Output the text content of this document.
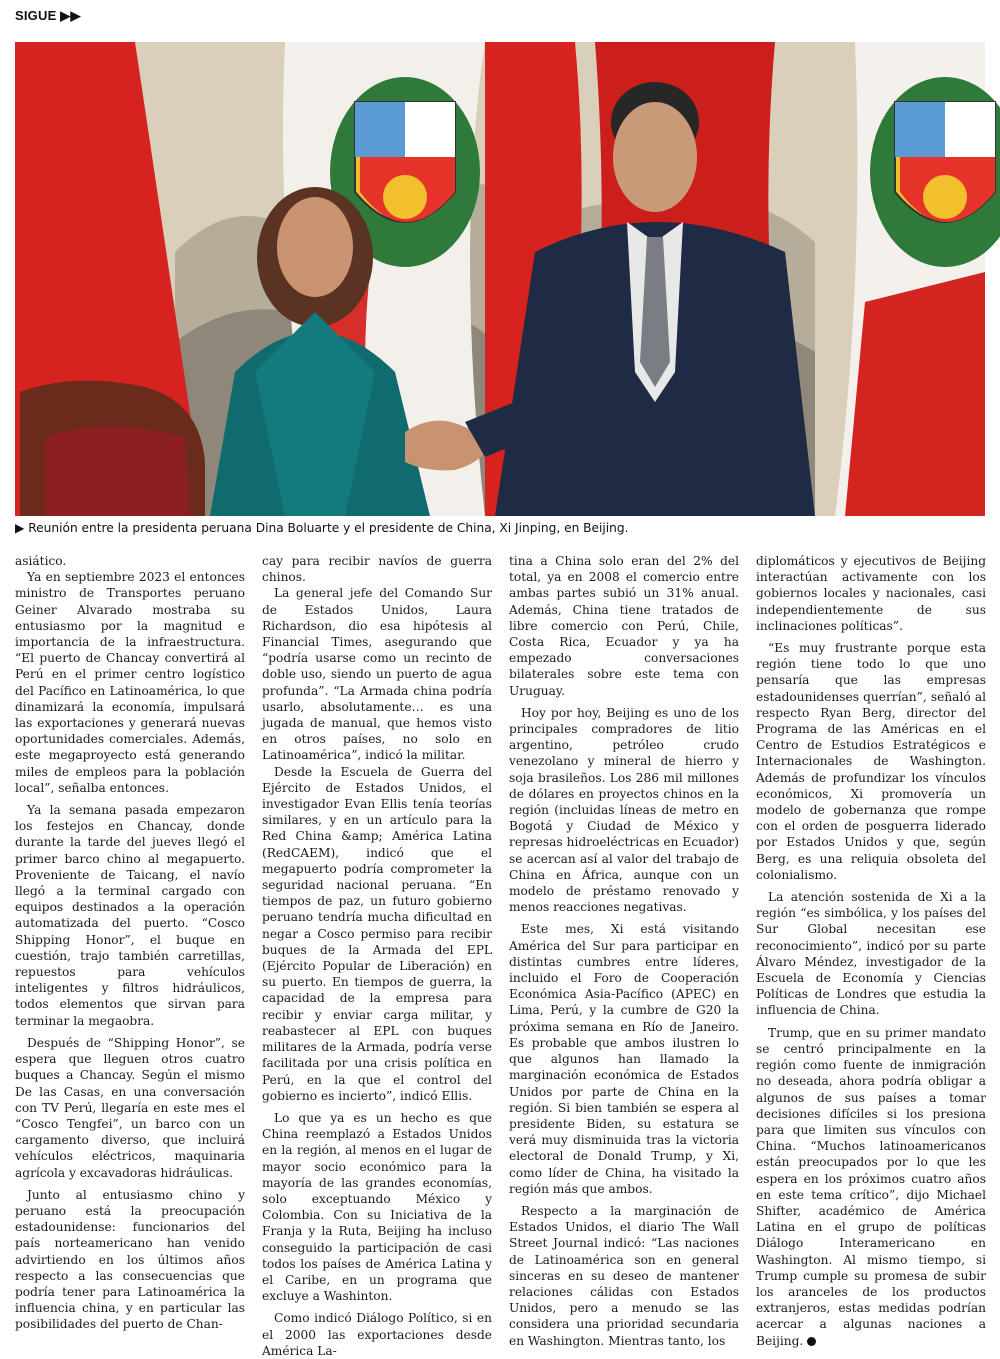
SIGUE ▶▶
▶ Reunión entre la presidenta peruana Dina Boluarte y el presidente de China, Xi Jinping, en Beijing.

asiático.

Ya en septiembre 2023 el entonces ministro de Transportes peruano Geiner Alvarado mostraba su entusiasmo por la magnitud e importancia de la infraestructura. “El puerto de Chancay convertirá al Perú en el primer centro logístico del Pacífico en Latinoamérica, lo que dinamizará la economía, impulsará las exportaciones y generará nuevas oportunidades comerciales. Además, este megaproyecto está generando miles de empleos para la población local”, señalba entonces.

Ya la semana pasada empezaron los festejos en Chancay, donde durante la tarde del jueves llegó el primer barco chino al megapuerto. Proveniente de Taicang, el navío llegó a la terminal cargado con equipos destinados a la operación automatizada del puerto. “Cosco Shipping Honor”, el buque en cuestión, trajo también carretillas, repuestos para vehículos inteligentes y filtros hidráulicos, todos elementos que sirvan para terminar la megaobra.

Después de “Shipping Honor”, se espera que lleguen otros cuatro buques a Chancay. Según el mismo De las Casas, en una conversación con TV Perú, llegaría en este mes el “Cosco Tengfei”, un barco con un cargamento diverso, que incluirá vehículos eléctricos, maquinaria agrícola y excavadoras hidráulicas.

Junto al entusiasmo chino y peruano está la preocupación estadounidense: funcionarios del país norteamericano han venido advirtiendo en los últimos años respecto a las consecuencias que podría tener para Latinoamérica la influencia china, y en particular las posibilidades del puerto de Chan-

cay para recibir navíos de guerra chinos.

La general jefe del Comando Sur de Estados Unidos, Laura Richardson, dio esa hipótesis al Financial Times, asegurando que “podría usarse como un recinto de doble uso, siendo un puerto de agua profunda”. “La Armada china podría usarlo, absolutamente… es una jugada de manual, que hemos visto en otros países, no solo en Latinoamérica”, indicó la militar.

Desde la Escuela de Guerra del Ejército de Estados Unidos, el investigador Evan Ellis tenía teorías similares, y en un artículo para la Red China &amp; América Latina (RedCAEM), indicó que el megapuerto podría comprometer la seguridad nacional peruana. “En tiempos de paz, un futuro gobierno peruano tendría mucha dificultad en negar a Cosco permiso para recibir buques de la Armada del EPL (Ejército Popular de Liberación) en su puerto. En tiempos de guerra, la capacidad de la empresa para recibir y enviar carga militar, y reabastecer al EPL con buques militares de la Armada, podría verse facilitada por una crisis política en Perú, en la que el control del gobierno es incierto”, indicó Ellis.

Lo que ya es un hecho es que China reemplazó a Estados Unidos en la región, al menos en el lugar de mayor socio económico para la mayoría de las grandes economías, solo exceptuando México y Colombia. Con su Iniciativa de la Franja y la Ruta, Beijing ha incluso conseguido la participación de casi todos los países de América Latina y el Caribe, en un programa que excluye a Washinton.

Como indicó Diálogo Político, si en el 2000 las exportaciones desde América La-

tina a China solo eran del 2% del total, ya en 2008 el comercio entre ambas partes subió un 31% anual. Además, China tiene tratados de libre comercio con Perú, Chile, Costa Rica, Ecuador y ya ha empezado conversaciones bilaterales sobre este tema con Uruguay.

Hoy por hoy, Beijing es uno de los principales compradores de litio argentino, petróleo crudo venezolano y mineral de hierro y soja brasileños. Los 286 mil millones de dólares en proyectos chinos en la región (incluidas líneas de metro en Bogotá y Ciudad de México y represas hidroeléctricas en Ecuador) se acercan así al valor del trabajo de China en África, aunque con un modelo de préstamo renovado y menos reacciones negativas.

Este mes, Xi está visitando América del Sur para participar en distintas cumbres entre líderes, incluido el Foro de Cooperación Económica Asia-Pacífico (APEC) en Lima, Perú, y la cumbre de G20 la próxima semana en Río de Janeiro. Es probable que ambos ilustren lo que algunos han llamado la marginación económica de Estados Unidos por parte de China en la región. Si bien también se espera al presidente Biden, su estatura se verá muy disminuida tras la victoria electoral de Donald Trump, y Xi, como líder de China, ha visitado la región más que ambos.

Respecto a la marginación de Estados Unidos, el diario The Wall Street Journal indicó: “Las naciones de Latinoamérica son en general sinceras en su deseo de mantener relaciones cálidas con Estados Unidos, pero a menudo se las considera una prioridad secundaria en Washington. Mientras tanto, los

diplomáticos y ejecutivos de Beijing interactúan activamente con los gobiernos locales y nacionales, casi independientemente de sus inclinaciones políticas”.

“Es muy frustrante porque esta región tiene todo lo que uno pensaría que las empresas estadounidenses querrían”, señaló al respecto Ryan Berg, director del Programa de las Américas en el Centro de Estudios Estratégicos e Internacionales de Washington. Además de profundizar los vínculos económicos, Xi promovería un modelo de gobernanza que rompe con el orden de posguerra liderado por Estados Unidos y que, según Berg, es una reliquia obsoleta del colonialismo.

La atención sostenida de Xi a la región “es simbólica, y los países del Sur Global necesitan ese reconocimiento”, indicó por su parte Álvaro Méndez, investigador de la Escuela de Economía y Ciencias Políticas de Londres que estudia la influencia de China.

Trump, que en su primer mandato se centró principalmente en la región como fuente de inmigración no deseada, ahora podría obligar a algunos de sus países a tomar decisiones difíciles si los presiona para que limiten sus vínculos con China. “Muchos latinoamericanos están preocupados por lo que les espera en los próximos cuatro años en este tema crítico”, dijo Michael Shifter, académico de América Latina en el grupo de políticas Diálogo Interamericano en Washington. Al mismo tiempo, si Trump cumple su promesa de subir los aranceles de los productos extranjeros, estas medidas podrían acercar a algunas naciones a Beijing.
